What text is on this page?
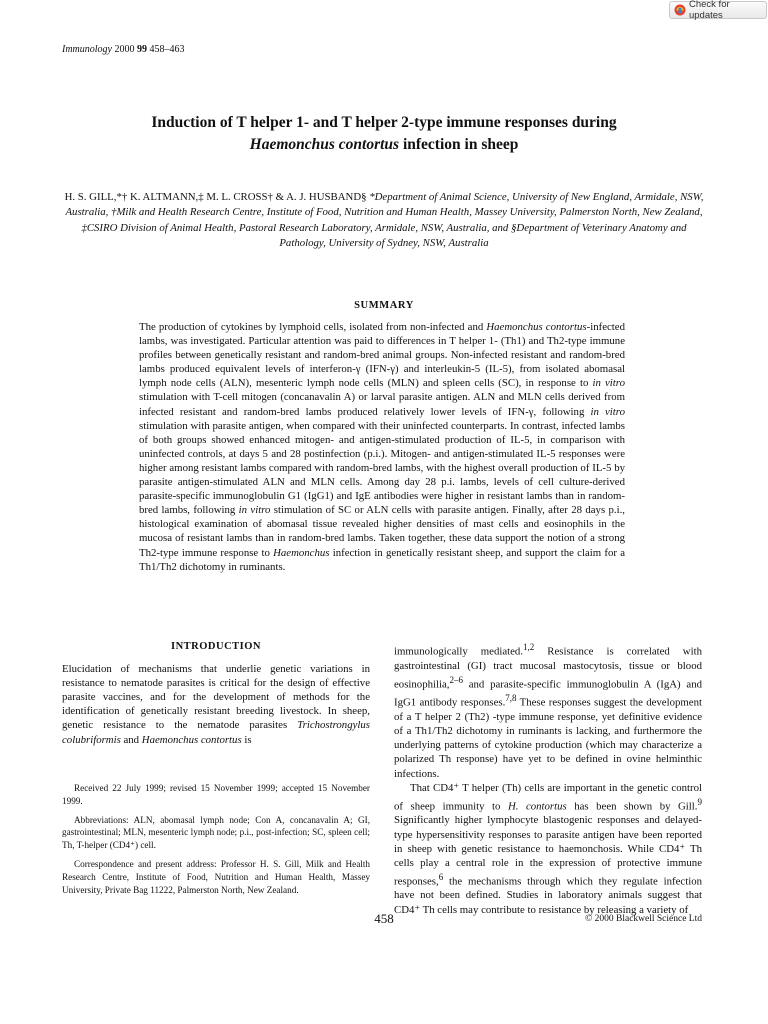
Check for updates
Immunology 2000 99 458–463
Induction of T helper 1- and T helper 2-type immune responses during
Haemonchus contortus infection in sheep
H. S. GILL,*† K. ALTMANN,‡ M. L. CROSS† & A. J. HUSBAND§ *Department of Animal Science, University of New England, Armidale, NSW, Australia, †Milk and Health Research Centre, Institute of Food, Nutrition and Human Health, Massey University, Palmerston North, New Zealand, ‡CSIRO Division of Animal Health, Pastoral Research Laboratory, Armidale, NSW, Australia, and §Department of Veterinary Anatomy and Pathology, University of Sydney, NSW, Australia
SUMMARY
The production of cytokines by lymphoid cells, isolated from non-infected and Haemonchus contortus-infected lambs, was investigated. Particular attention was paid to differences in T helper 1- (Th1) and Th2-type immune profiles between genetically resistant and random-bred animal groups. Non-infected resistant and random-bred lambs produced equivalent levels of interferon-γ (IFN-γ) and interleukin-5 (IL-5), from isolated abomasal lymph node cells (ALN), mesenteric lymph node cells (MLN) and spleen cells (SC), in response to in vitro stimulation with T-cell mitogen (concanavalin A) or larval parasite antigen. ALN and MLN cells derived from infected resistant and random-bred lambs produced relatively lower levels of IFN-γ, following in vitro stimulation with parasite antigen, when compared with their uninfected counterparts. In contrast, infected lambs of both groups showed enhanced mitogen- and antigen-stimulated production of IL-5, in comparison with uninfected controls, at days 5 and 28 postinfection (p.i.). Mitogen- and antigen-stimulated IL-5 responses were higher among resistant lambs compared with random-bred lambs, with the highest overall production of IL-5 by parasite antigen-stimulated ALN and MLN cells. Among day 28 p.i. lambs, levels of cell culture-derived parasite-specific immunoglobulin G1 (IgG1) and IgE antibodies were higher in resistant lambs than in random-bred lambs, following in vitro stimulation of SC or ALN cells with parasite antigen. Finally, after 28 days p.i., histological examination of abomasal tissue revealed higher densities of mast cells and eosinophils in the mucosa of resistant lambs than in random-bred lambs. Taken together, these data support the notion of a strong Th2-type immune response to Haemonchus infection in genetically resistant sheep, and support the claim for a Th1/Th2 dichotomy in ruminants.
INTRODUCTION

Elucidation of mechanisms that underlie genetic variations in resistance to nematode parasites is critical for the design of effective parasite vaccines, and for the development of methods for the identification of genetically resistant breeding livestock. In sheep, genetic resistance to the nematode parasites Trichostrongylus colubriformis and Haemonchus contortus is

Received 22 July 1999; revised 15 November 1999; accepted 15 November 1999.

Abbreviations: ALN, abomasal lymph node; Con A, concanavalin A; GI, gastrointestinal; MLN, mesenteric lymph node; p.i., post-infection; SC, spleen cell; Th, T-helper (CD4⁺) cell.

Correspondence and present address: Professor H. S. Gill, Milk and Health Research Centre, Institute of Food, Nutrition and Human Health, Massey University, Private Bag 11222, Palmerston North, New Zealand.

immunologically mediated.$^{1,2}$ Resistance is correlated with gastrointestinal (GI) tract mucosal mastocytosis, tissue or blood eosinophilia,$^{2-6}$ and parasite-specific immunoglobulin A (IgA) and IgG1 antibody responses.$^{7,8}$ These responses suggest the development of a T helper 2 (Th2) -type immune response, yet definitive evidence of a Th1/Th2 dichotomy in ruminants is lacking, and furthermore the underlying patterns of cytokine production (which may characterize a polarized Th response) have yet to be defined in ovine helminthic infections.

That CD4⁺ T helper (Th) cells are important in the genetic control of sheep immunity to H. contortus has been shown by Gill.$^9$ Significantly higher lymphocyte blastogenic responses and delayed-type hypersensitivity responses to parasite antigen have been reported in sheep with genetic resistance to haemonchosis. While CD4⁺ Th cells play a central role in the expression of protective immune responses,$^6$ the mechanisms through which they regulate infection have not been defined. Studies in laboratory animals suggest that CD4⁺ Th cells may contribute to resistance by releasing a variety of

458	© 2000 Blackwell Science Ltd
